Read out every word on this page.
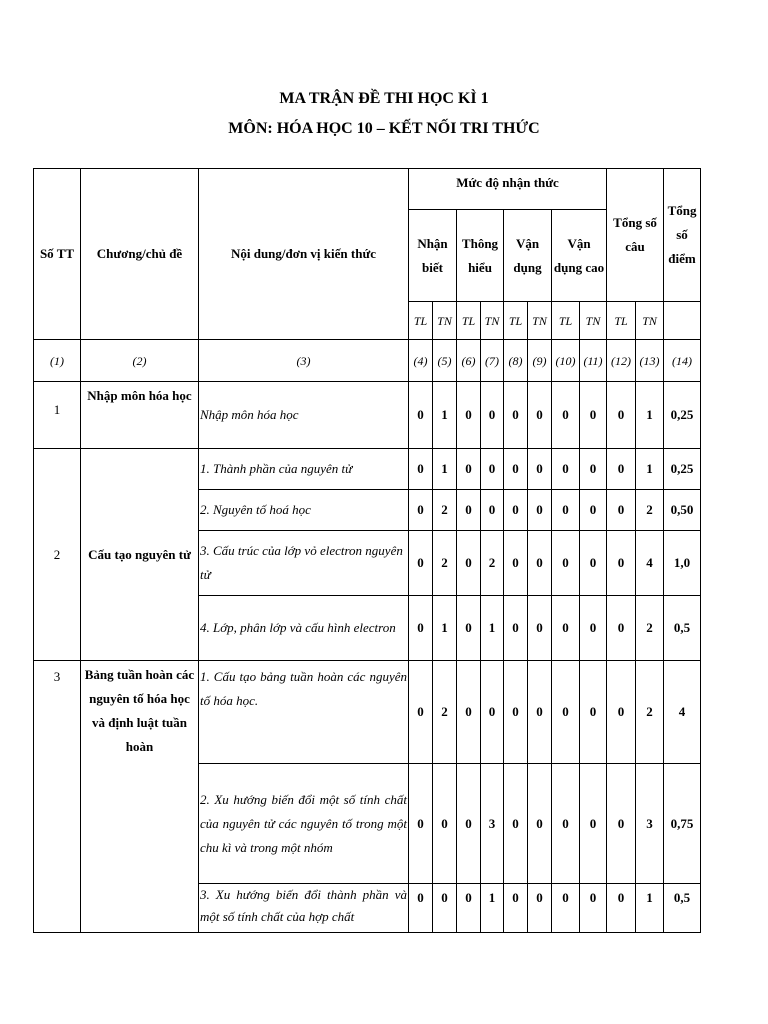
MA TRẬN ĐỀ THI HỌC KÌ 1
MÔN: HÓA HỌC 10 – KẾT NỐI TRI THỨC
Số TT	Chương/chủ đề	Nội dung/đơn vị kiến thức	Mức độ nhận thức								Tổng số câu		Tổng số điểm
			Nhận biết		Thông hiểu		Vận dụng		Vận dụng cao				
			TL	TN	TL	TN	TL	TN	TL	TN	TL	TN	
(1)	(2)	(3)	(4)	(5)	(6)	(7)	(8)	(9)	(10)	(11)	(12)	(13)	(14)
1	Nhập môn hóa học	Nhập môn hóa học	0	1	0	0	0	0	0	0	0	1	0,25
2	Cấu tạo nguyên tử	1. Thành phần của nguyên tử	0	1	0	0	0	0	0	0	0	1	0,25
		2. Nguyên tố hoá học	0	2	0	0	0	0	0	0	0	2	0,50
		3. Cấu trúc của lớp vỏ electron nguyên tử	0	2	0	2	0	0	0	0	0	4	1,0
		4. Lớp, phân lớp và cấu hình electron	0	1	0	1	0	0	0	0	0	2	0,5
3	Bảng tuần hoàn các nguyên tố hóa học và định luật tuần hoàn	1. Cấu tạo bảng tuần hoàn các nguyên tố hóa học.	0	2	0	0	0	0	0	0	0	2	4
		2. Xu hướng biến đổi một số tính chất của nguyên tử các nguyên tố trong một chu kì và trong một nhóm	0	0	0	3	0	0	0	0	0	3	0,75
		3. Xu hướng biến đổi thành phần và một số tính chất của hợp chất	0	0	0	1	0	0	0	0	0	1	0,5
